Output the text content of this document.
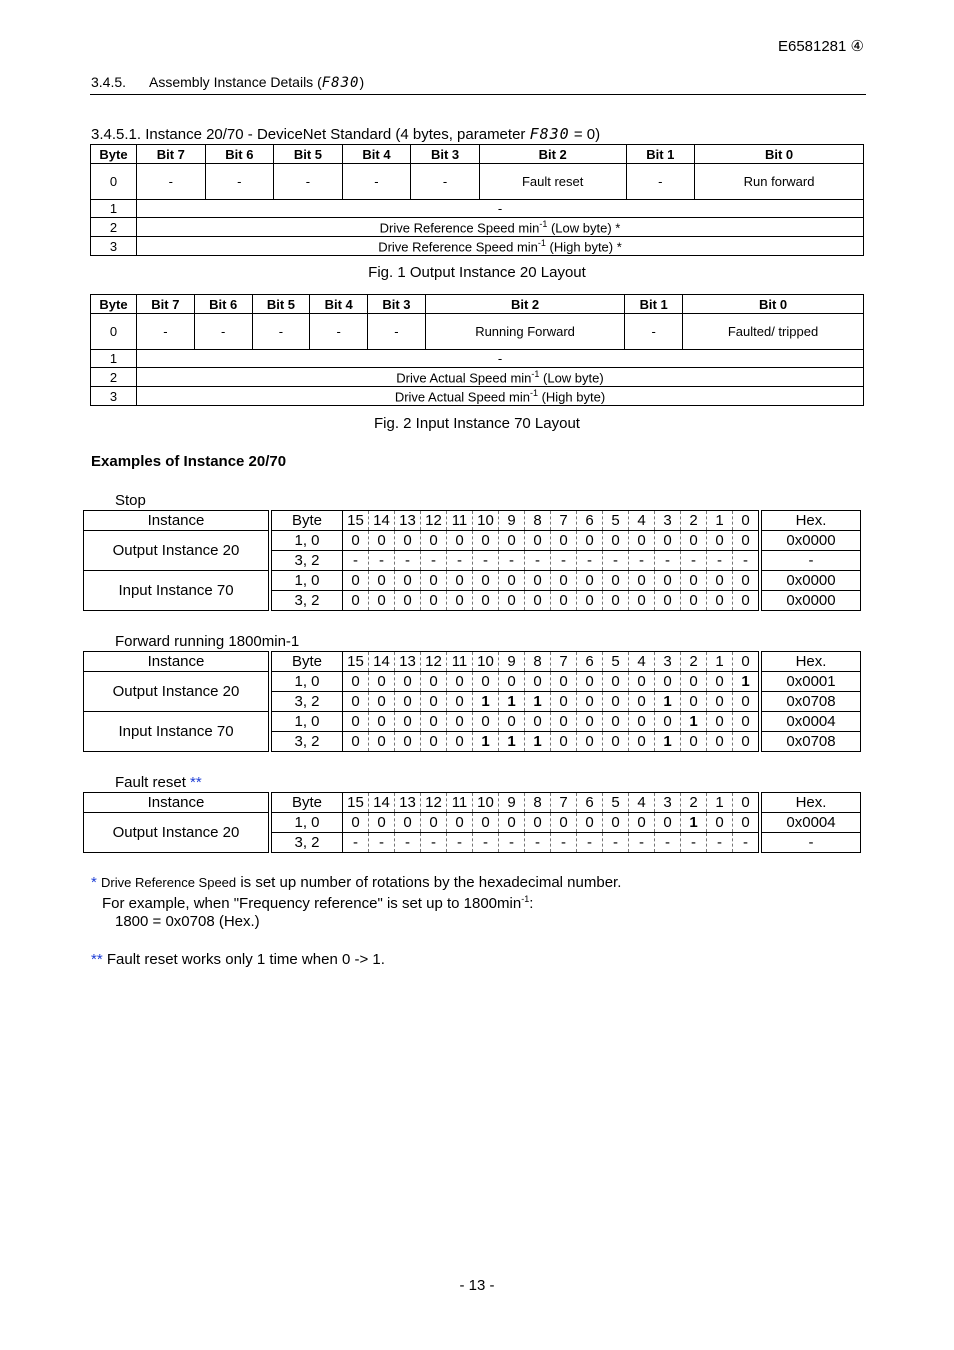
E6581281 ④
3.4.5. Assembly Instance Details (F830)
3.4.5.1. Instance 20/70 - DeviceNet Standard (4 bytes, parameter F830 = 0)
Byte	Bit 7	Bit 6	Bit 5	Bit 4	Bit 3	Bit 2	Bit 1	Bit 0
0	-	-	-	-	-	Fault reset	-	Run forward
1	-							
2	Drive Reference Speed $\min^{-1} (Low$ byte) *							
3	Drive Reference Speed $\min^{-1}$ (High byte) *							
Fig. 1 Output Instance 20 Layout
Byte	Bit 7	Bit 6	Bit 5	Bit 4	Bit 3	Bit 2	Bit 1	Bit 0
0	-	-	-	-	-	Running Forward	-	Faulted/ tripped
1	-							
2	Drive Actual Speed $\min^{-1} (Low$ byte)							
3	Drive Actual Speed $\min^{-1}$ (High byte)							
Fig. 2 Input Instance 70 Layout
Examples of Instance 20/70
Stop
Instance	Byte	15	14	13	12	11	10	9	8	7	6	5	4	3	2	1	0	Hex.
Output Instance 20	1, 0	0	0	0	0	0	0	0	0	0	0	0	0	0	0	0	0	0x0000
	3, 2	-	-	-	-	-	-	-	-	-	-	-	-	-	-	-	-	-
Input Instance 70	1, 0	0	0	0	0	0	0	0	0	0	0	0	0	0	0	0	0	0x0000
	3, 2	0	0	0	0	0	0	0	0	0	0	0	0	0	0	0	0	0x0000
Forward running 1800min-1
Instance	Byte	15	14	13	12	11	10	9	8	7	6	5	4	3	2	1	0	Hex.
Output Instance 20	1, 0	0	0	0	0	0	0	0	0	0	0	0	0	0	0	0	1	0x0001
	3, 2	0	0	0	0	0	1	1	1	0	0	0	0	1	0	0	0	0x0708
Input Instance 70	1, 0	0	0	0	0	0	0	0	0	0	0	0	0	0	1	0	0	0x0004
	3, 2	0	0	0	0	0	1	1	1	0	0	0	0	1	0	0	0	0x0708
Fault reset **
Instance	Byte	15	14	13	12	11	10	9	8	7	6	5	4	3	2	1	0	Hex.
Output Instance 20	1, 0	0	0	0	0	0	0	0	0	0	0	0	0	0	1	0	0	0x0004
	3, 2	-	-	-	-	-	-	-	-	-	-	-	-	-	-	-	-	-
* Drive Reference Speed is set up number of rotations by the hexadecimal number.
For example, when "Frequency reference" is set up to $1800\min^{-1}$:
1800 = 0x0708 (Hex.)
** Fault reset works only 1 time when 0 -> 1.
- 13 -
